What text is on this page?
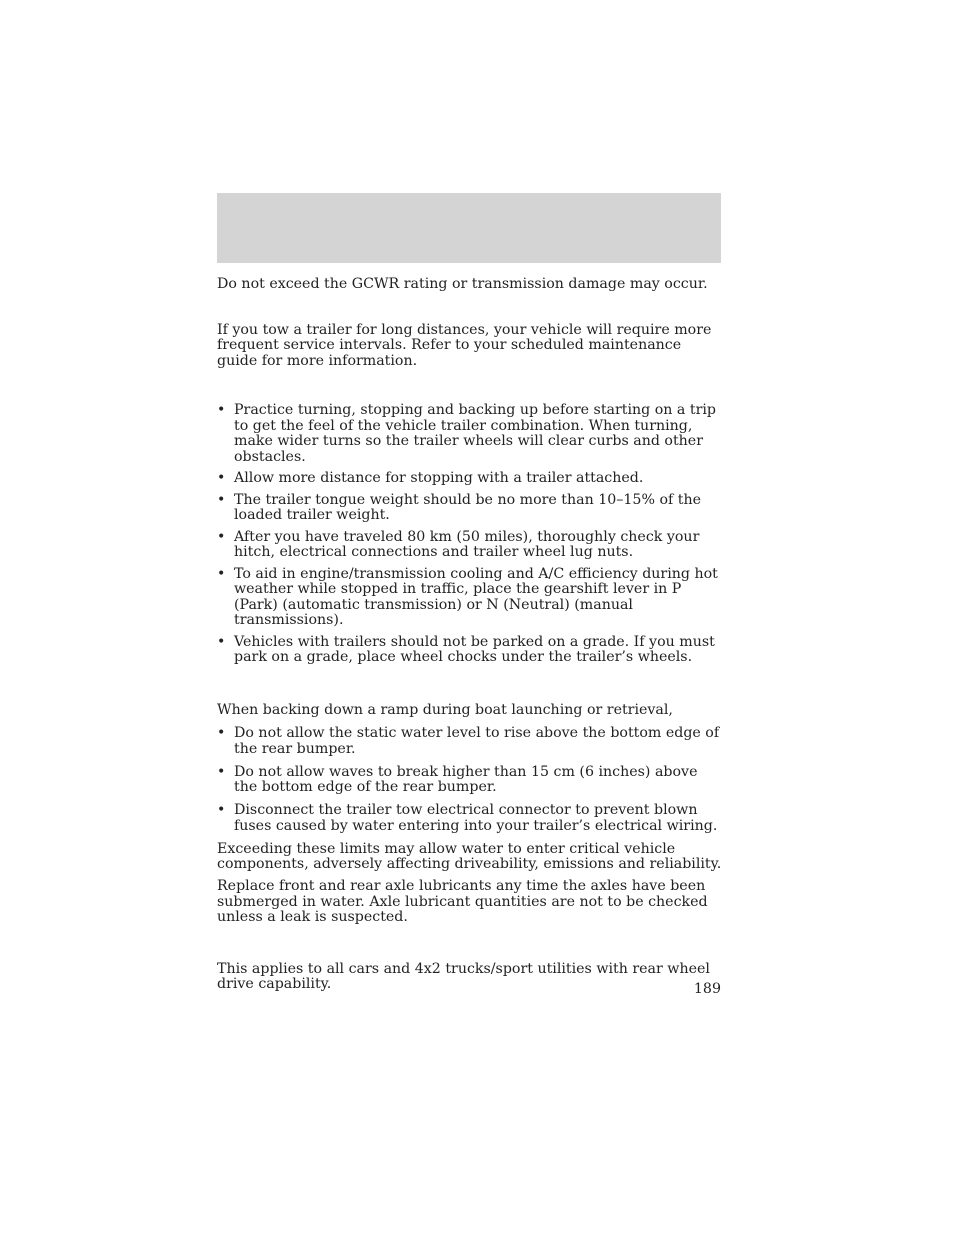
Do not exceed the GCWR rating or transmission damage may occur.

If you tow a trailer for long distances, your vehicle will require more frequent service intervals. Refer to your scheduled maintenance guide for more information.

• Practice turning, stopping and backing up before starting on a trip to get the feel of the vehicle trailer combination. When turning, make wider turns so the trailer wheels will clear curbs and other obstacles.
• Allow more distance for stopping with a trailer attached.
• The trailer tongue weight should be no more than 10–15% of the loaded trailer weight.
• After you have traveled 80 km (50 miles), thoroughly check your hitch, electrical connections and trailer wheel lug nuts.
• To aid in engine/transmission cooling and A/C efficiency during hot weather while stopped in traffic, place the gearshift lever in P (Park) (automatic transmission) or N (Neutral) (manual transmissions).
• Vehicles with trailers should not be parked on a grade. If you must park on a grade, place wheel chocks under the trailer’s wheels.

When backing down a ramp during boat launching or retrieval,

• Do not allow the static water level to rise above the bottom edge of the rear bumper.
• Do not allow waves to break higher than 15 cm (6 inches) above the bottom edge of the rear bumper.
• Disconnect the trailer tow electrical connector to prevent blown fuses caused by water entering into your trailer’s electrical wiring.

Exceeding these limits may allow water to enter critical vehicle components, adversely affecting driveability, emissions and reliability.

Replace front and rear axle lubricants any time the axles have been submerged in water. Axle lubricant quantities are not to be checked unless a leak is suspected.

This applies to all cars and 4x2 trucks/sport utilities with rear wheel drive capability.	189
